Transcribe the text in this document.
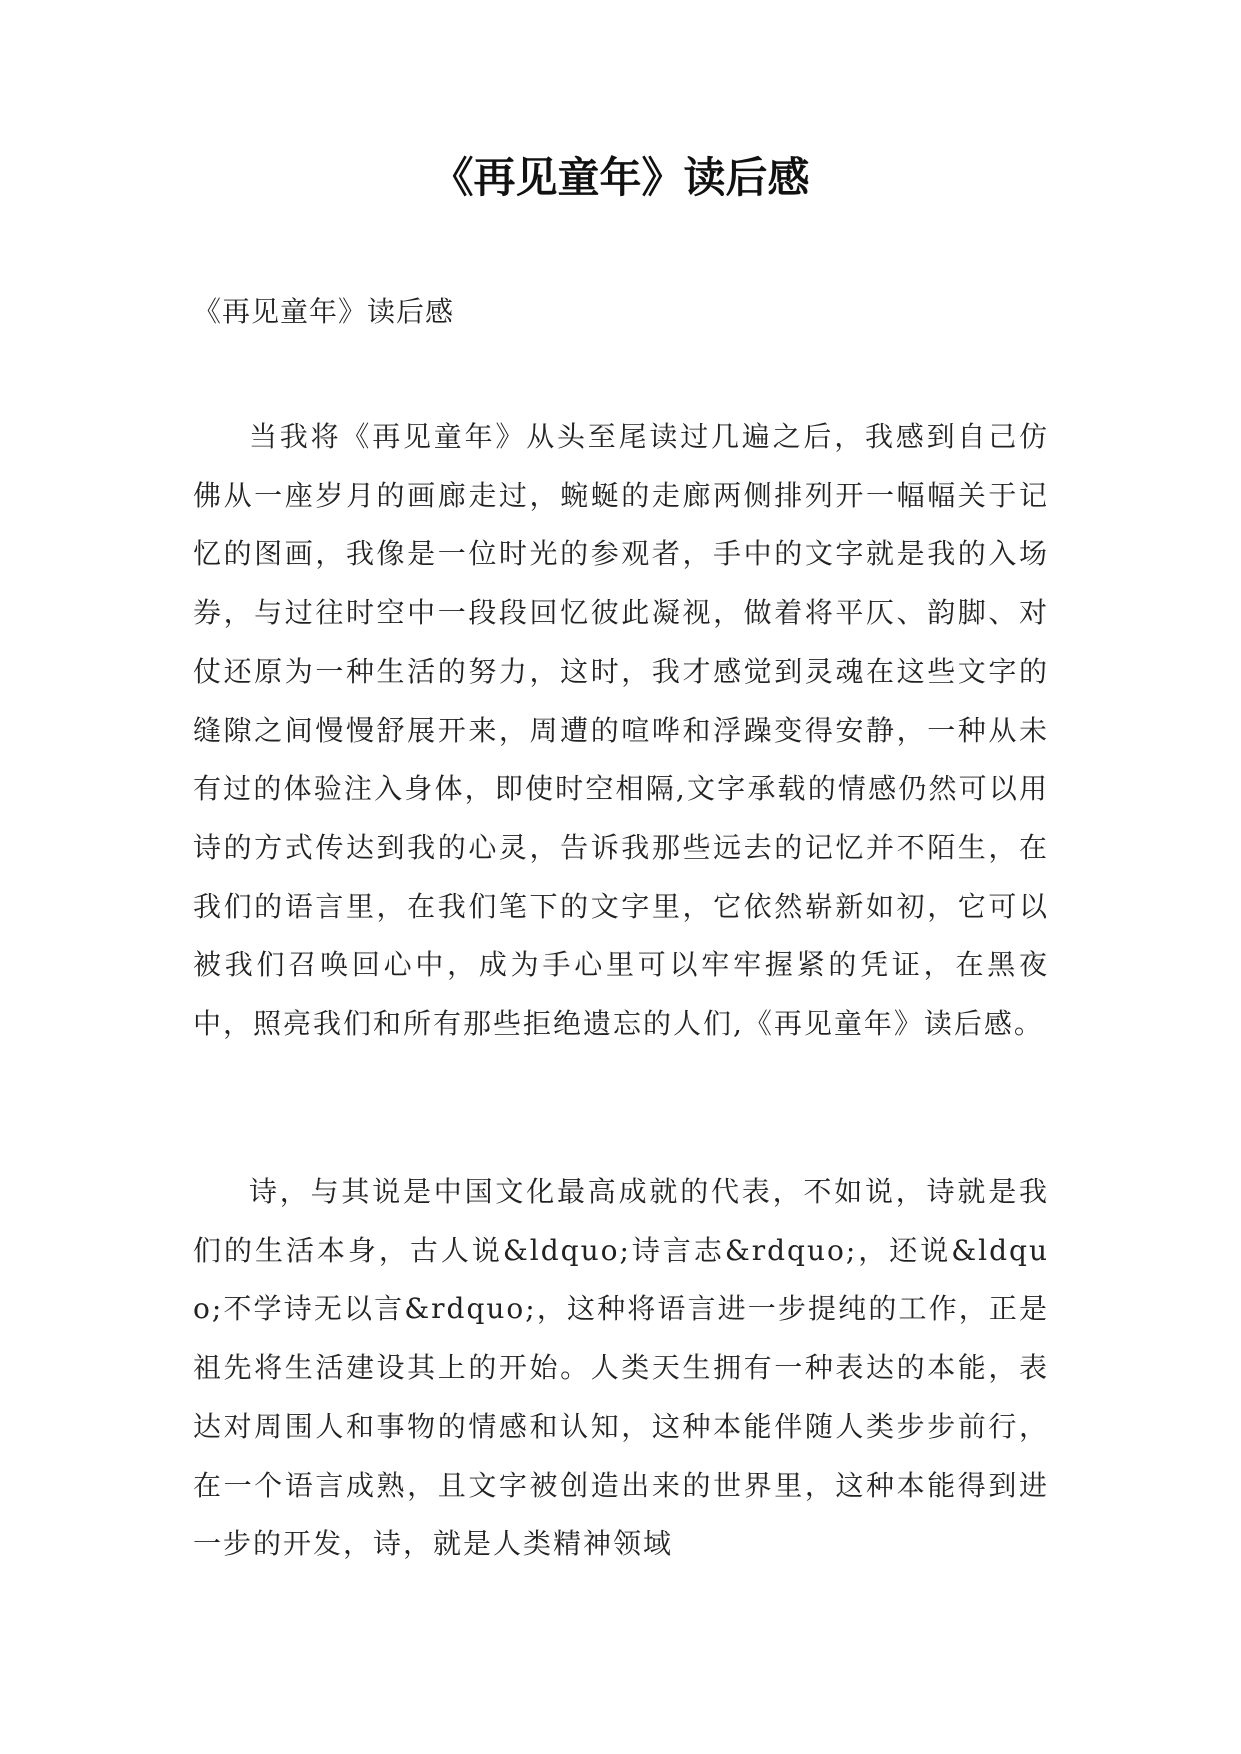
《再见童年》读后感

《再见童年》读后感

当我将《再见童年》从头至尾读过几遍之后，我感到自己仿佛从一座岁月的画廊走过，蜿蜒的走廊两侧排列开一幅幅关于记忆的图画，我像是一位时光的参观者，手中的文字就是我的入场券，与过往时空中一段段回忆彼此凝视，做着将平仄、韵脚、对仗还原为一种生活的努力，这时，我才感觉到灵魂在这些文字的缝隙之间慢慢舒展开来，周遭的喧哗和浮躁变得安静，一种从未有过的体验注入身体，即使时空相隔,文字承载的情感仍然可以用诗的方式传达到我的心灵，告诉我那些远去的记忆并不陌生，在我们的语言里，在我们笔下的文字里，它依然崭新如初，它可以被我们召唤回心中，成为手心里可以牢牢握紧的凭证，在黑夜中，照亮我们和所有那些拒绝遗忘的人们,《再见童年》读后感。

诗，与其说是中国文化最高成就的代表，不如说，诗就是我们的生活本身，古人说&ldquo;诗言志&rdquo;，还说&ldquo;不学诗无以言&rdquo;，这种将语言进一步提纯的工作，正是祖先将生活建设其上的开始。人类天生拥有一种表达的本能，表达对周围人和事物的情感和认知，这种本能伴随人类步步前行，在一个语言成熟，且文字被创造出来的世界里，这种本能得到进一步的开发，诗，就是人类精神领域
